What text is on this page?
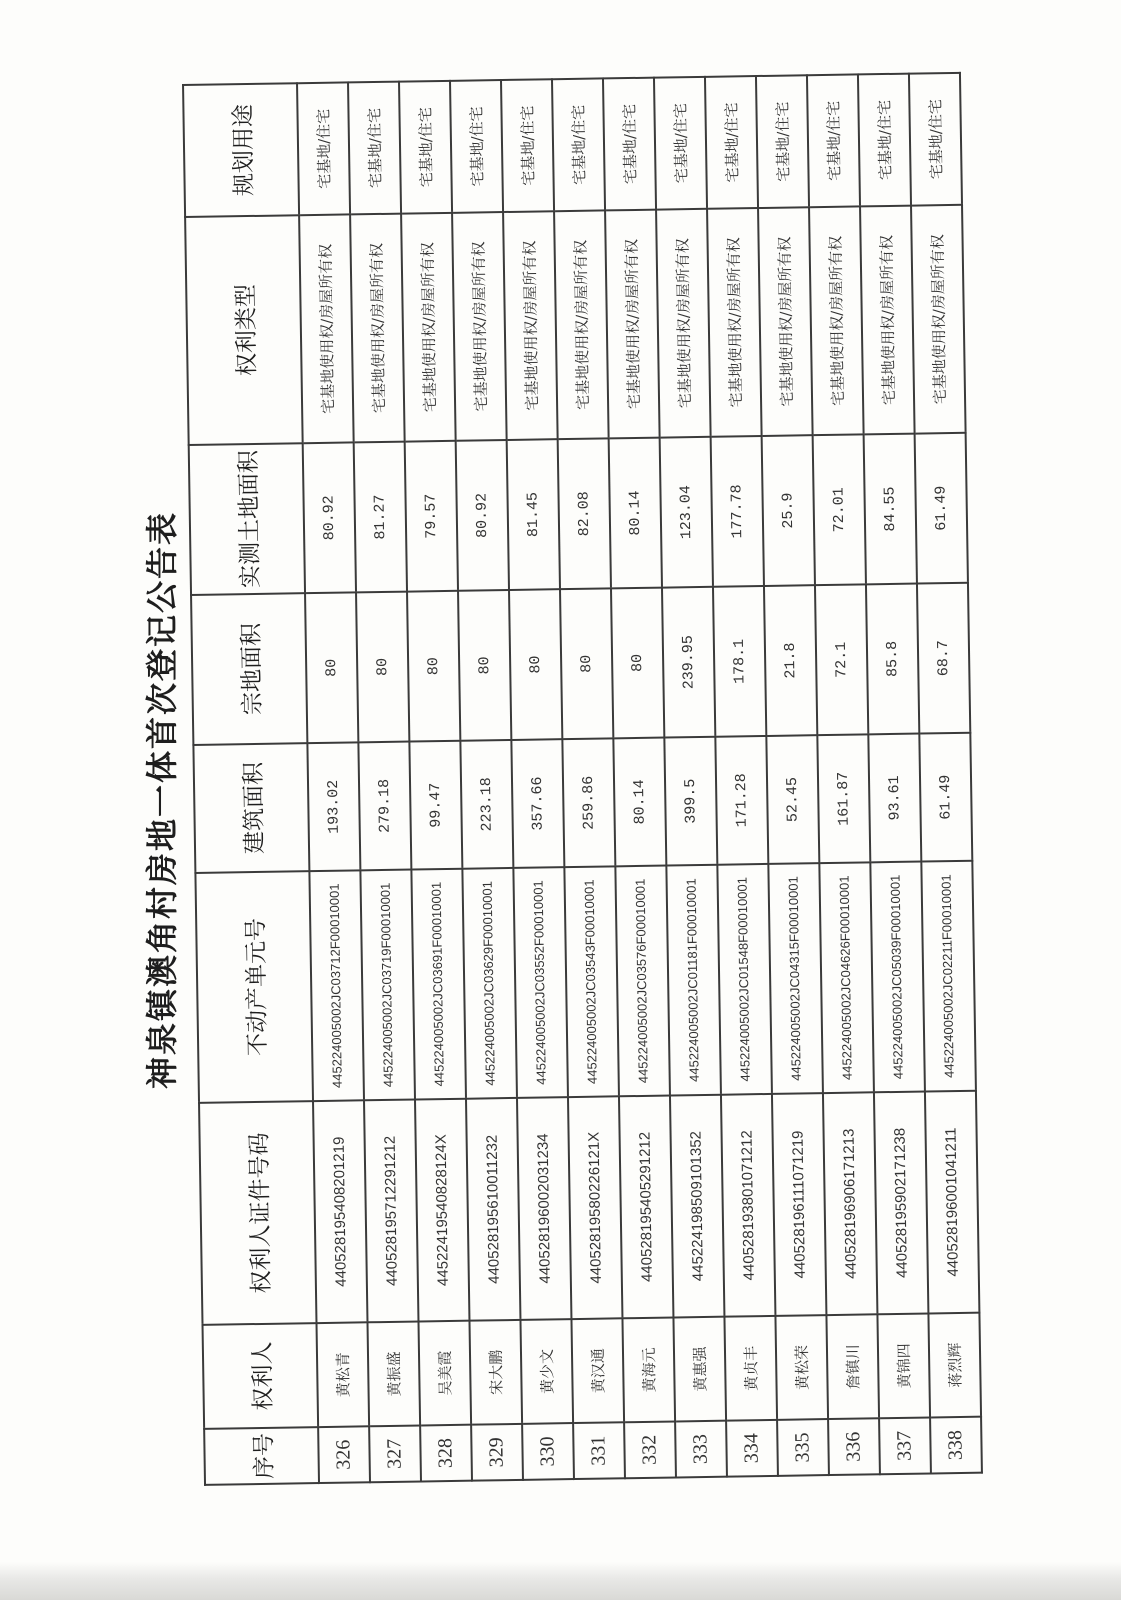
神泉镇澳角村房地一体首次登记公告表
序号	权利人	权利人证件号码	不动产单元号	建筑面积	宗地面积	实测土地面积	权利类型	规划用途
326	黄松青	440528195408201219	445224005002JC03712F00010001	193.02	80	80.92	宅基地使用权/房屋所有权	宅基地/住宅
327	黄振盛	440528195712291212	445224005002JC03719F00010001	279.18	80	81.27	宅基地使用权/房屋所有权	宅基地/住宅
328	吴美霞	44522419540828124X	445224005002JC03691F00010001	99.47	80	79.57	宅基地使用权/房屋所有权	宅基地/住宅
329	宋大鹏	440528195610011232	445224005002JC03629F00010001	223.18	80	80.92	宅基地使用权/房屋所有权	宅基地/住宅
330	黄少文	440528196002031234	445224005002JC03552F00010001	357.66	80	81.45	宅基地使用权/房屋所有权	宅基地/住宅
331	黄汉通	44052819580226121X	445224005002JC03543F00010001	259.86	80	82.08	宅基地使用权/房屋所有权	宅基地/住宅
332	黄海元	440528195405291212	445224005002JC03576F00010001	80.14	80	80.14	宅基地使用权/房屋所有权	宅基地/住宅
333	黄惠强	445224198509101352	445224005002JC01181F00010001	399.5	239.95	123.04	宅基地使用权/房屋所有权	宅基地/住宅
334	黄贞丰	440528193801071212	445224005002JC01548F00010001	171.28	178.1	177.78	宅基地使用权/房屋所有权	宅基地/住宅
335	黄松荣	440528196111071219	445224005002JC04315F00010001	52.45	21.8	25.9	宅基地使用权/房屋所有权	宅基地/住宅
336	詹镇川	440528196906171213	445224005002JC04626F00010001	161.87	72.1	72.01	宅基地使用权/房屋所有权	宅基地/住宅
337	黄锦四	440528195902171238	445224005002JC05039F00010001	93.61	85.8	84.55	宅基地使用权/房屋所有权	宅基地/住宅
338	蒋烈辉	440528196001041211	445224005002JC02211F00010001	61.49	68.7	61.49	宅基地使用权/房屋所有权	宅基地/住宅
